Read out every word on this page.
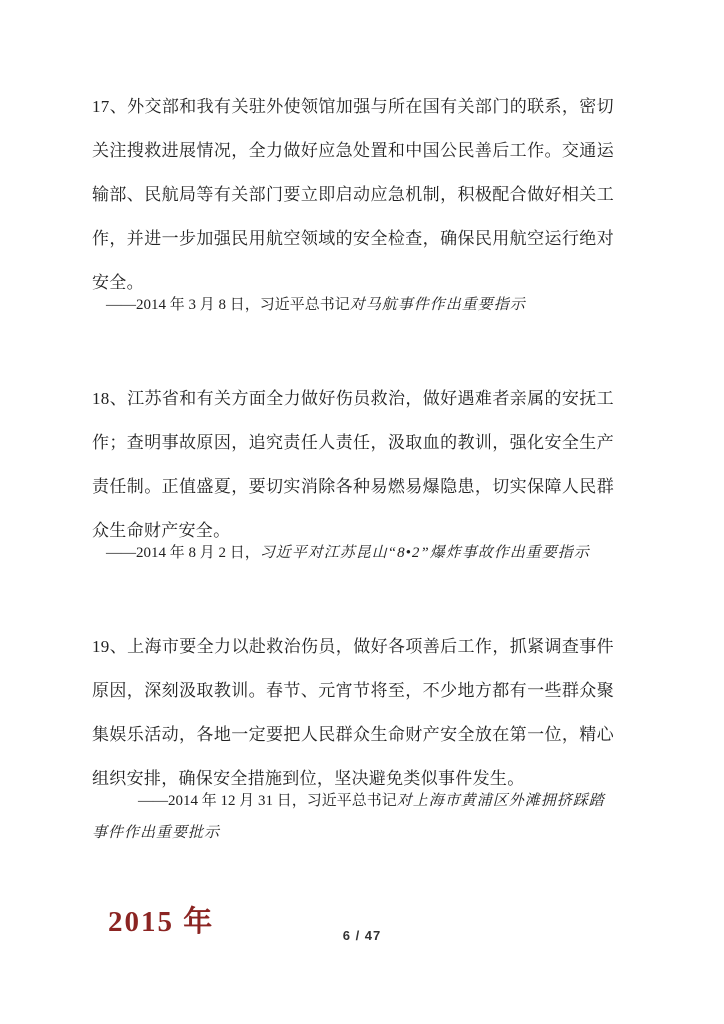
17、外交部和我有关驻外使领馆加强与所在国有关部门的联系，密切关注搜救进展情况，全力做好应急处置和中国公民善后工作。交通运输部、民航局等有关部门要立即启动应急机制，积极配合做好相关工作，并进一步加强民用航空领域的安全检查，确保民用航空运行绝对安全。

——2014 年 3 月 8 日，习近平总书记对马航事件作出重要指示

18、江苏省和有关方面全力做好伤员救治，做好遇难者亲属的安抚工作；查明事故原因，追究责任人责任，汲取血的教训，强化安全生产责任制。正值盛夏，要切实消除各种易燃易爆隐患，切实保障人民群众生命财产安全。

——2014 年 8 月 2 日，习近平对江苏昆山“8•2”爆炸事故作出重要指示

19、上海市要全力以赴救治伤员，做好各项善后工作，抓紧调查事件原因，深刻汲取教训。春节、元宵节将至，不少地方都有一些群众聚集娱乐活动，各地一定要把人民群众生命财产安全放在第一位，精心组织安排，确保安全措施到位，坚决避免类似事件发生。

——2014 年 12 月 31 日，习近平总书记对上海市黄浦区外滩拥挤踩踏事件作出重要批示

2015 年	6 / 47
